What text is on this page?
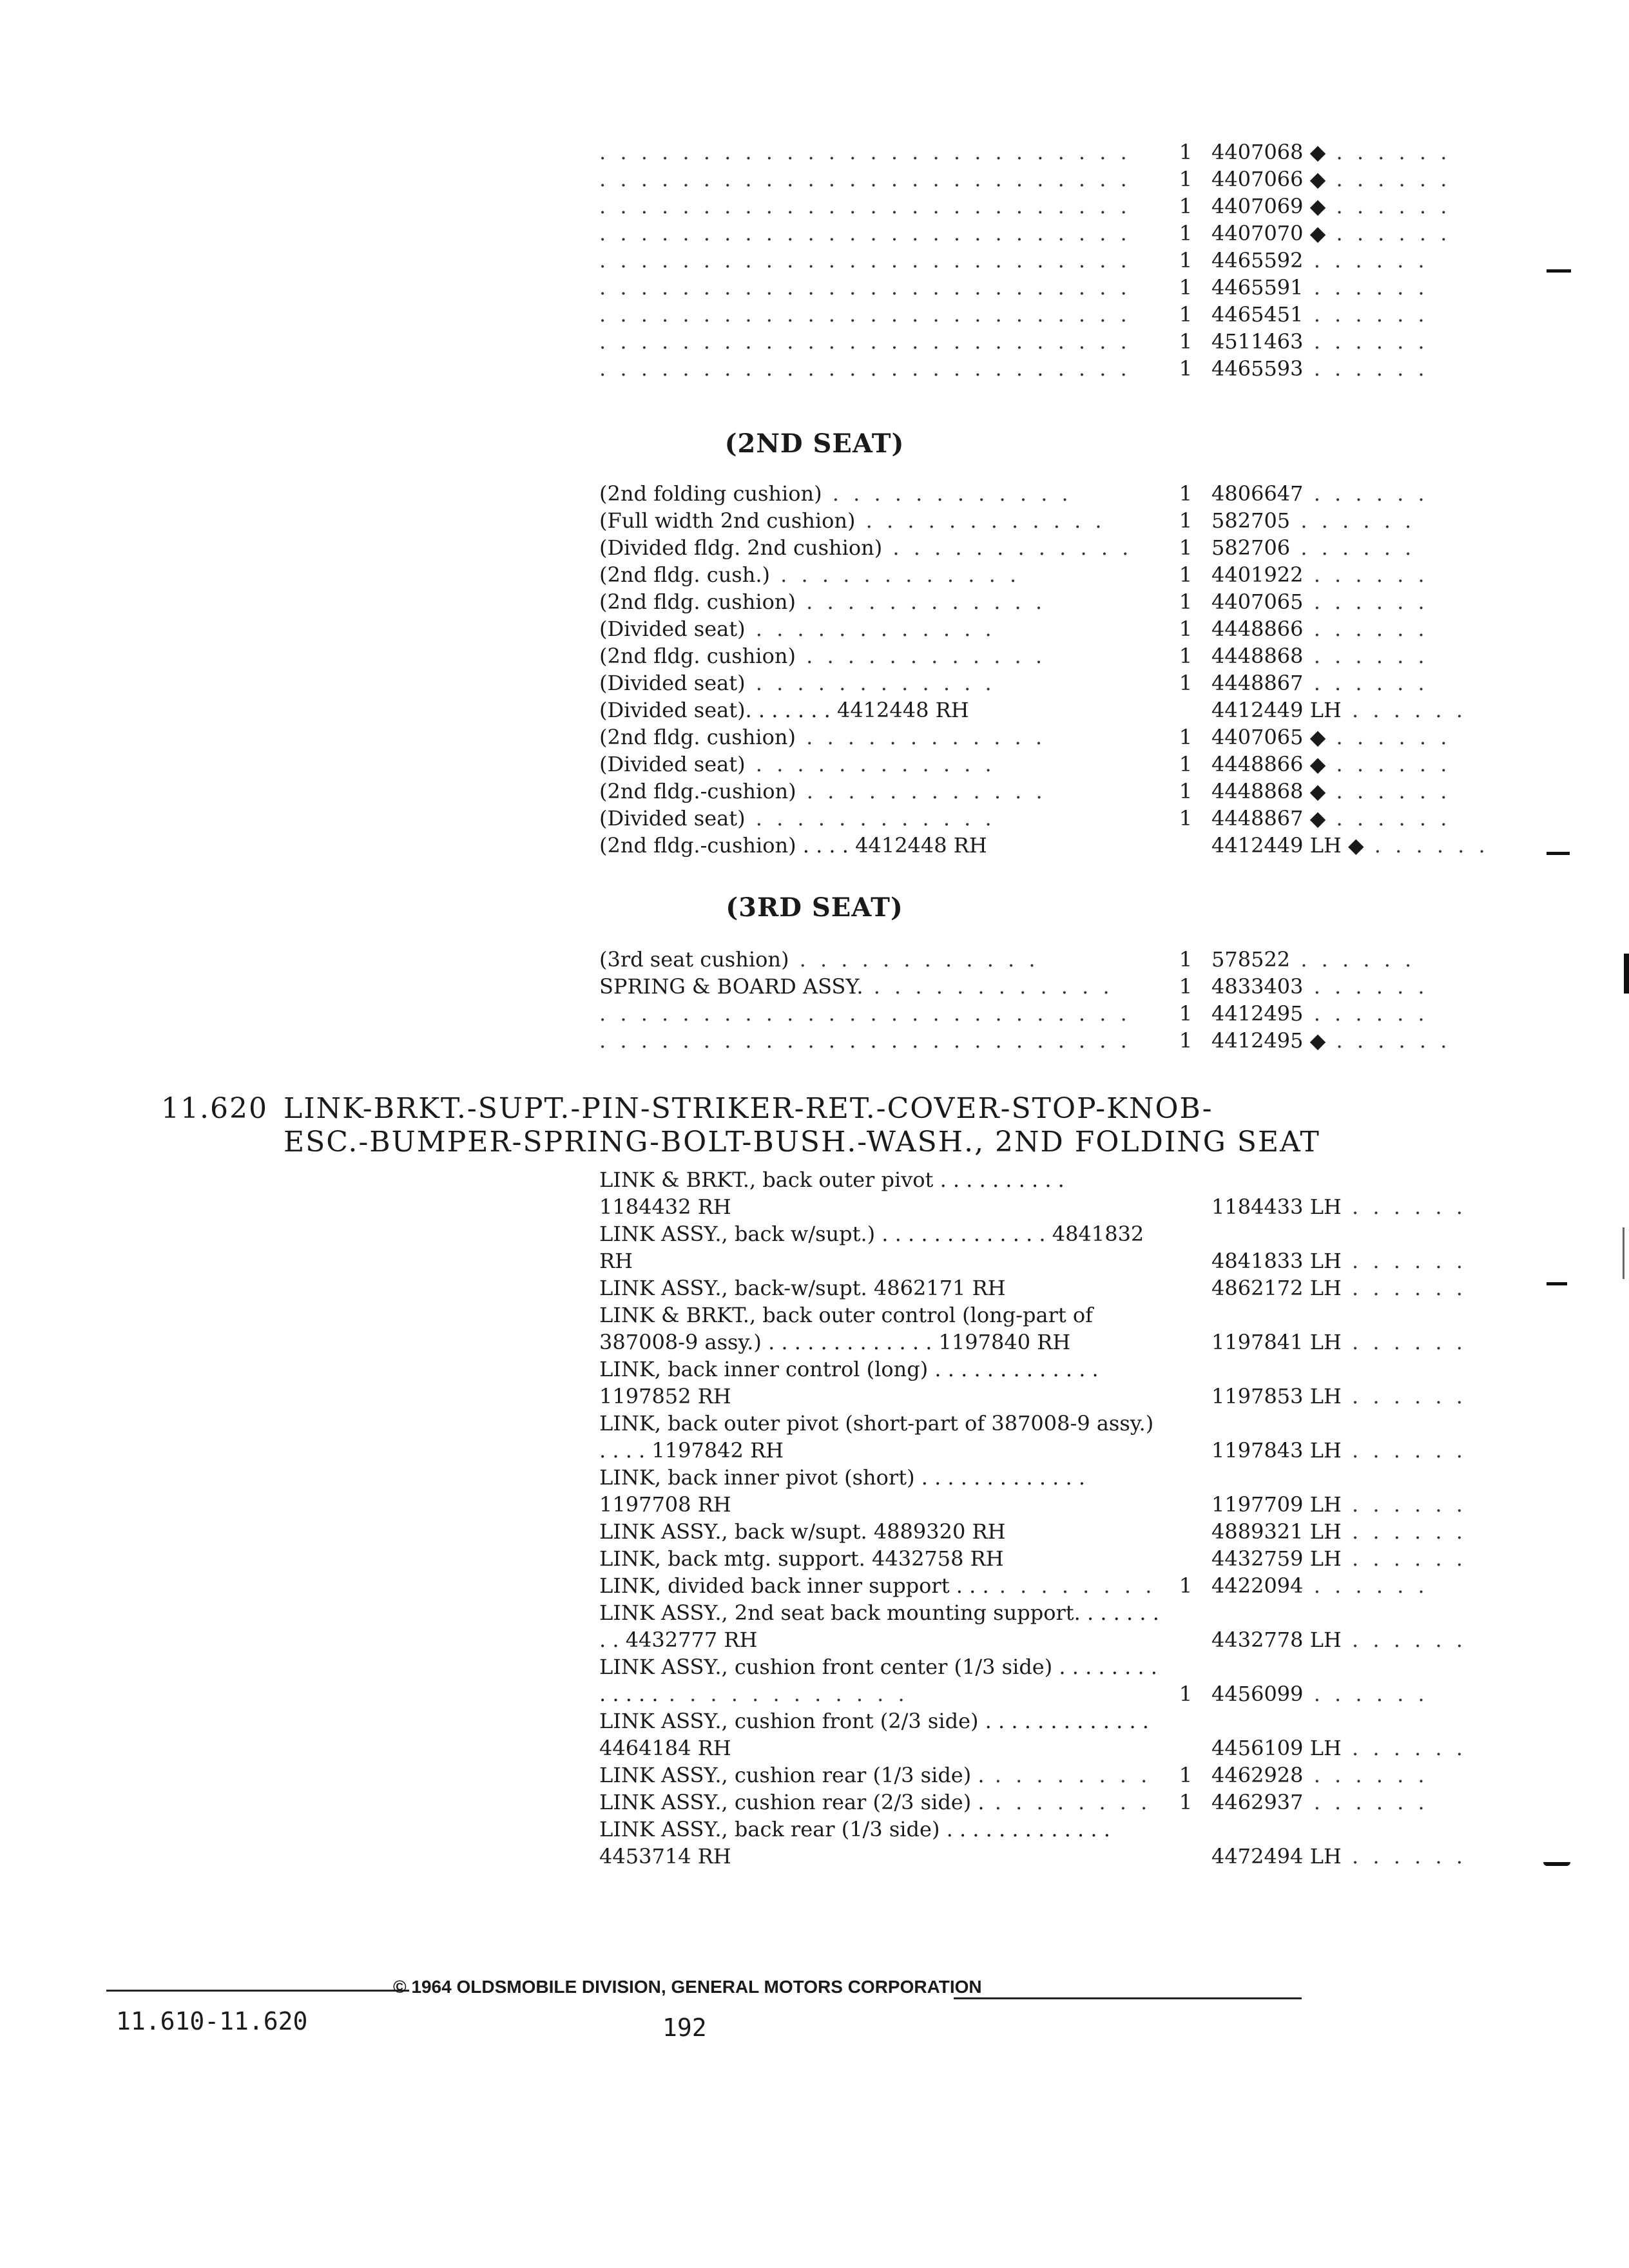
. . . . . . . . . . . . . . . . . . . . . . . . . .	1 4407068 ◆ . . . . . .
. . . . . . . . . . . . . . . . . . . . . . . . . .	1 4407066 ◆ . . . . . .
. . . . . . . . . . . . . . . . . . . . . . . . . .	1 4407069 ◆ . . . . . .
. . . . . . . . . . . . . . . . . . . . . . . . . .	1 4407070 ◆ . . . . . .
. . . . . . . . . . . . . . . . . . . . . . . . . .	1 4465592 . . . . . .
. . . . . . . . . . . . . . . . . . . . . . . . . .	1 4465591 . . . . . .
. . . . . . . . . . . . . . . . . . . . . . . . . .	1 4465451 . . . . . .
. . . . . . . . . . . . . . . . . . . . . . . . . .	1 4511463 . . . . . .
. . . . . . . . . . . . . . . . . . . . . . . . . .	1 4465593 . . . . . .
(2ND SEAT)
(2nd folding cushion) . . . . . . . . . . . .	1 4806647 . . . . . .
(Full width 2nd cushion) . . . . . . . . . . . .	1 582705 . . . . . .
(Divided fldg. 2nd cushion) . . . . . . . . . . . .	1 582706 . . . . . .
(2nd fldg. cush.) . . . . . . . . . . . .	1 4401922 . . . . . .
(2nd fldg. cushion) . . . . . . . . . . . .	1 4407065 . . . . . .
(Divided seat) . . . . . . . . . . . .	1 4448866 . . . . . .
(2nd fldg. cushion) . . . . . . . . . . . .	1 4448868 . . . . . .
(Divided seat) . . . . . . . . . . . .	1 4448867 . . . . . .
(Divided seat). . . . . . . 4412448 RH	4412449 LH . . . . . .
(2nd fldg. cushion) . . . . . . . . . . . .	1 4407065 ◆ . . . . . .
(Divided seat) . . . . . . . . . . . .	1 4448866 ◆ . . . . . .
(2nd fldg.-cushion) . . . . . . . . . . . .	1 4448868 ◆ . . . . . .
(Divided seat) . . . . . . . . . . . .	1 4448867 ◆ . . . . . .
(2nd fldg.-cushion) . . . . 4412448 RH	4412449 LH ◆ . . . . . .
(3RD SEAT)
(3rd seat cushion) . . . . . . . . . . . .	1 578522 . . . . . .
SPRING & BOARD ASSY. . . . . . . . . . . . .	1 4833403 . . . . . .
. . . . . . . . . . . . . . . . . . . . . . . . . .	1 4412495 . . . . . .
. . . . . . . . . . . . . . . . . . . . . . . . . .	1 4412495 ◆ . . . . . .
11.620 LINK-BRKT.-SUPT.-PIN-STRIKER-RET.-COVER-STOP-KNOB-
ESC.-BUMPER-SPRING-BOLT-BUSH.-WASH., 2ND FOLDING SEAT
LINK & BRKT., back outer pivot . . . . . . . . . . 1184432 RH	1184433 LH . . . . . .
LINK ASSY., back w/supt.) . . . . . . . . . . . . . 4841832 RH	4841833 LH . . . . . .
LINK ASSY., back-w/supt. 4862171 RH	4862172 LH . . . . . .
LINK & BRKT., back outer control (long-part of 387008-9 assy.) . . . . . . . . . . . . . 1197840 RH	1197841 LH . . . . . .
LINK, back inner control (long) . . . . . . . . . . . . . 1197852 RH	1197853 LH . . . . . .
LINK, back outer pivot (short-part of 387008-9 assy.) . . . . 1197842 RH	1197843 LH . . . . . .
LINK, back inner pivot (short) . . . . . . . . . . . . . 1197708 RH	1197709 LH . . . . . .
LINK ASSY., back w/supt. 4889320 RH	4889321 LH . . . . . .
LINK, back mtg. support. 4432758 RH	4432759 LH . . . . . .
LINK, divided back inner support . . . . . . . . . . .	1 4422094 . . . . . .
LINK ASSY., 2nd seat back mounting support. . . . . . . . . 4432777 RH	4432778 LH . . . . . .
LINK ASSY., cushion front center (1/3 side) . . . . . . . . . . . . . . . . . . . . . . . . .	1 4456099 . . . . . .
LINK ASSY., cushion front (2/3 side) . . . . . . . . . . . . . 4464184 RH	4456109 LH . . . . . .
LINK ASSY., cushion rear (1/3 side) . . . . . . . . .	1 4462928 . . . . . .
LINK ASSY., cushion rear (2/3 side) . . . . . . . . .	1 4462937 . . . . . .
LINK ASSY., back rear (1/3 side) . . . . . . . . . . . . . 4453714 RH	4472494 LH . . . . . .
© 1964 OLDSMOBILE DIVISION, GENERAL MOTORS CORPORATION
11.610-11.620	192
